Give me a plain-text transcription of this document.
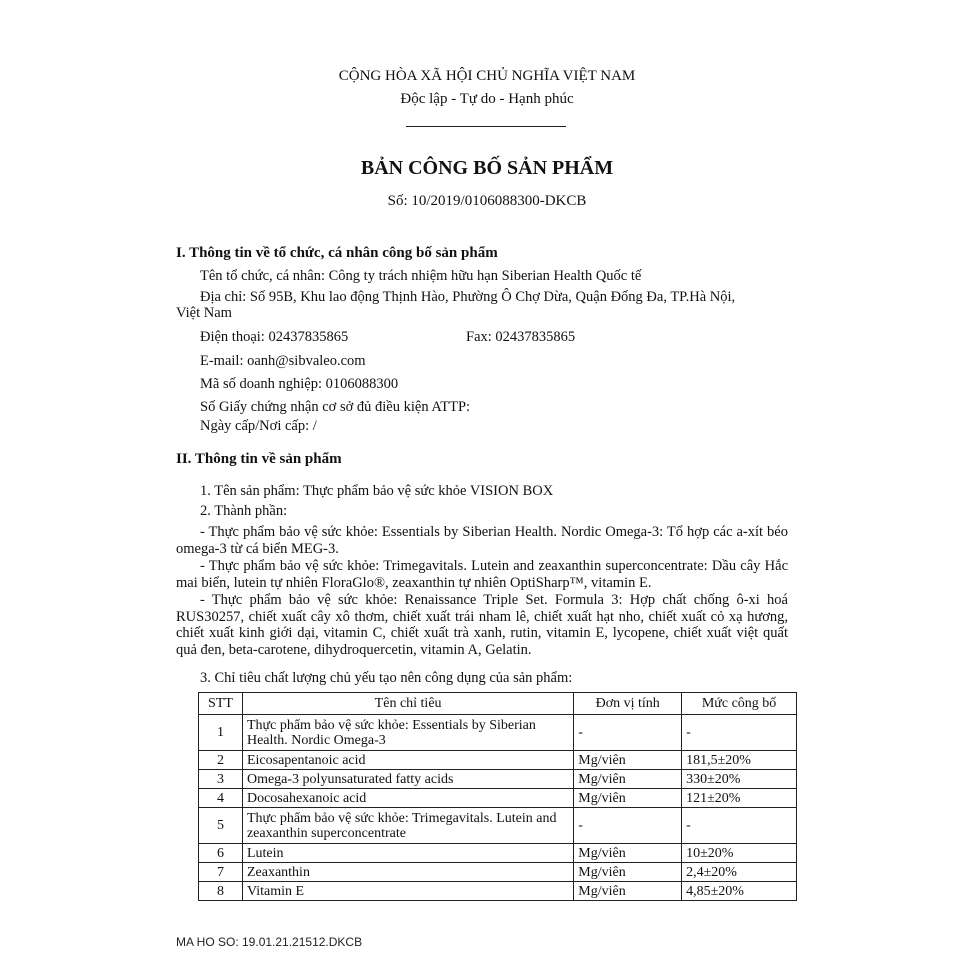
CỘNG HÒA XÃ HỘI CHỦ NGHĨA VIỆT NAM
Độc lập - Tự do - Hạnh phúc
BẢN CÔNG BỐ SẢN PHẨM
Số: 10/2019/0106088300-DKCB
I. Thông tin về tổ chức, cá nhân công bố sản phẩm
Tên tổ chức, cá nhân: Công ty trách nhiệm hữu hạn Siberian Health Quốc tế
Địa chỉ: Số 95B, Khu lao động Thịnh Hào, Phường Ô Chợ Dừa, Quận Đống Đa, TP.Hà Nội,
Việt Nam
Điện thoại: 02437835865	Fax: 02437835865
E-mail: oanh@sibvaleo.com
Mã số doanh nghiệp: 0106088300
Số Giấy chứng nhận cơ sở đủ điều kiện ATTP:
Ngày cấp/Nơi cấp: /
II. Thông tin về sản phẩm
1. Tên sản phẩm: Thực phẩm bảo vệ sức khỏe VISION BOX
2. Thành phần:
- Thực phẩm bảo vệ sức khỏe: Essentials by Siberian Health. Nordic Omega-3: Tổ hợp các a-xít béo omega-3 từ cá biển MEG-3.
- Thực phẩm bảo vệ sức khỏe: Trimegavitals. Lutein and zeaxanthin superconcentrate: Dầu cây Hắc mai biển, lutein tự nhiên FloraGlo®, zeaxanthin tự nhiên OptiSharp™, vitamin E.
- Thực phẩm bảo vệ sức khỏe: Renaissance Triple Set. Formula 3: Hợp chất chống ô-xi hoá RUS30257, chiết xuất cây xô thơm, chiết xuất trái nham lê, chiết xuất hạt nho, chiết xuất cỏ xạ hương, chiết xuất kinh giới dại, vitamin C, chiết xuất trà xanh, rutin, vitamin E, lycopene, chiết xuất việt quất quả đen, beta-carotene, dihydroquercetin, vitamin A, Gelatin.
3. Chỉ tiêu chất lượng chủ yếu tạo nên công dụng của sản phẩm:
STT	Tên chỉ tiêu	Đơn vị tính	Mức công bố
1	Thực phẩm bảo vệ sức khỏe: Essentials by Siberian Health. Nordic Omega-3	-	-
2	Eicosapentanoic acid	Mg/viên	181,5±20%
3	Omega-3 polyunsaturated fatty acids	Mg/viên	330±20%
4	Docosahexanoic acid	Mg/viên	121±20%
5	Thực phẩm bảo vệ sức khỏe: Trimegavitals. Lutein and zeaxanthin superconcentrate	-	-
6	Lutein	Mg/viên	10±20%
7	Zeaxanthin	Mg/viên	2,4±20%
8	Vitamin E	Mg/viên	4,85±20%
MA HO SO: 19.01.21.21512.DKCB
